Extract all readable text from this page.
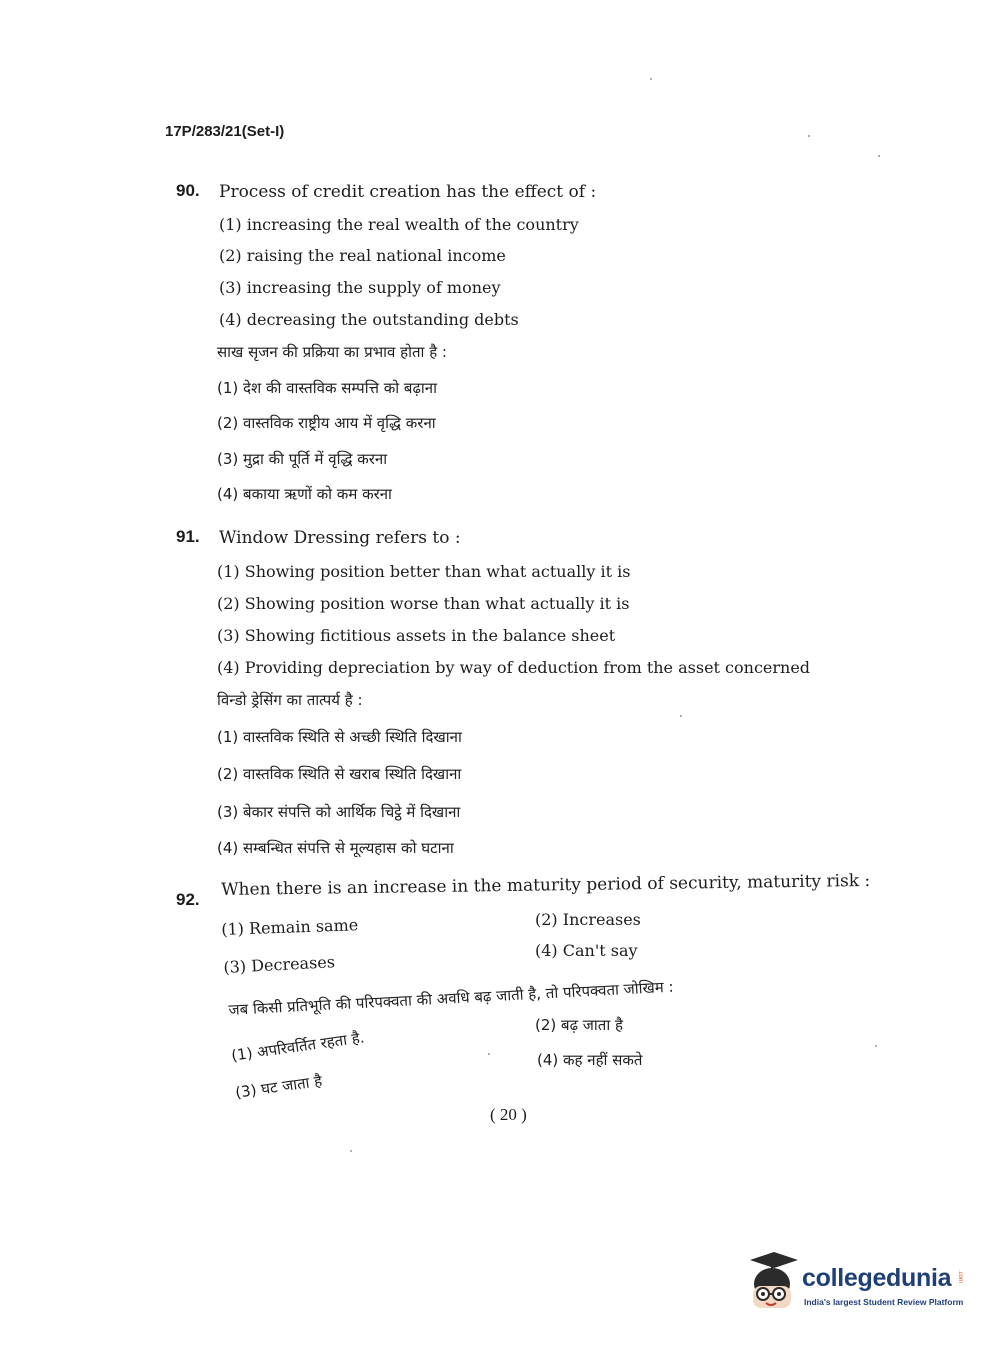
17P/283/21(Set-I)
90. Process of credit creation has the effect of :
(1) increasing the real wealth of the country
(2) raising the real national income
(3) increasing the supply of money
(4) decreasing the outstanding debts
साख सृजन की प्रक्रिया का प्रभाव होता है :
(1) देश की वास्तविक सम्पत्ति को बढ़ाना
(2) वास्तविक राष्ट्रीय आय में वृद्धि करना
(3) मुद्रा की पूर्ति में वृद्धि करना
(4) बकाया ऋणों को कम करना
91. Window Dressing refers to :
(1) Showing position better than what actually it is
(2) Showing position worse than what actually it is
(3) Showing fictitious assets in the balance sheet
(4) Providing depreciation by way of deduction from the asset concerned
विन्डो ड्रेसिंग का तात्पर्य है :
(1) वास्तविक स्थिति से अच्छी स्थिति दिखाना
(2) वास्तविक स्थिति से खराब स्थिति दिखाना
(3) बेकार संपत्ति को आर्थिक चिट्ठे में दिखाना
(4) सम्बन्धित संपत्ति से मूल्यहास को घटाना
92. When there is an increase in the maturity period of security, maturity risk :
(1) Remain same	(2) Increases
(3) Decreases
(4) Can't say
जब किसी प्रतिभूति की परिपक्वता की अवधि बढ़ जाती है, तो परिपक्वता जोखिम :
(1) अपरिवर्तित रहता है.
(2) बढ़ जाता है
(3) घट जाता है
(4) कह नहीं सकते
( 20 )
collegedunia .com
India's largest Student Review Platform
